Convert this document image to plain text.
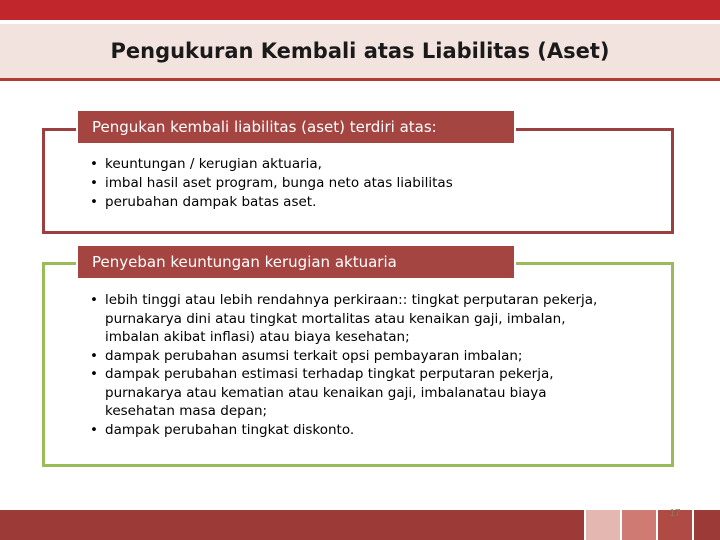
Pengukuran Kembali atas Liabilitas (Aset)
Pengukan kembali liabilitas (aset) terdiri atas:
• keuntungan / kerugian aktuaria,
• imbal hasil aset program, bunga neto atas liabilitas
• perubahan dampak batas aset.
Penyeban keuntungan kerugian aktuaria
• lebih tinggi atau lebih rendahnya perkiraan:: tingkat perputaran pekerja, purnakarya dini atau tingkat mortalitas atau kenaikan gaji, imbalan, imbalan akibat inflasi) atau biaya kesehatan;
• dampak perubahan asumsi terkait opsi pembayaran imbalan;
• dampak perubahan estimasi terhadap tingkat perputaran pekerja, purnakarya atau kematian atau kenaikan gaji, imbalanatau biaya kesehatan masa depan;
• dampak perubahan tingkat diskonto.
17
